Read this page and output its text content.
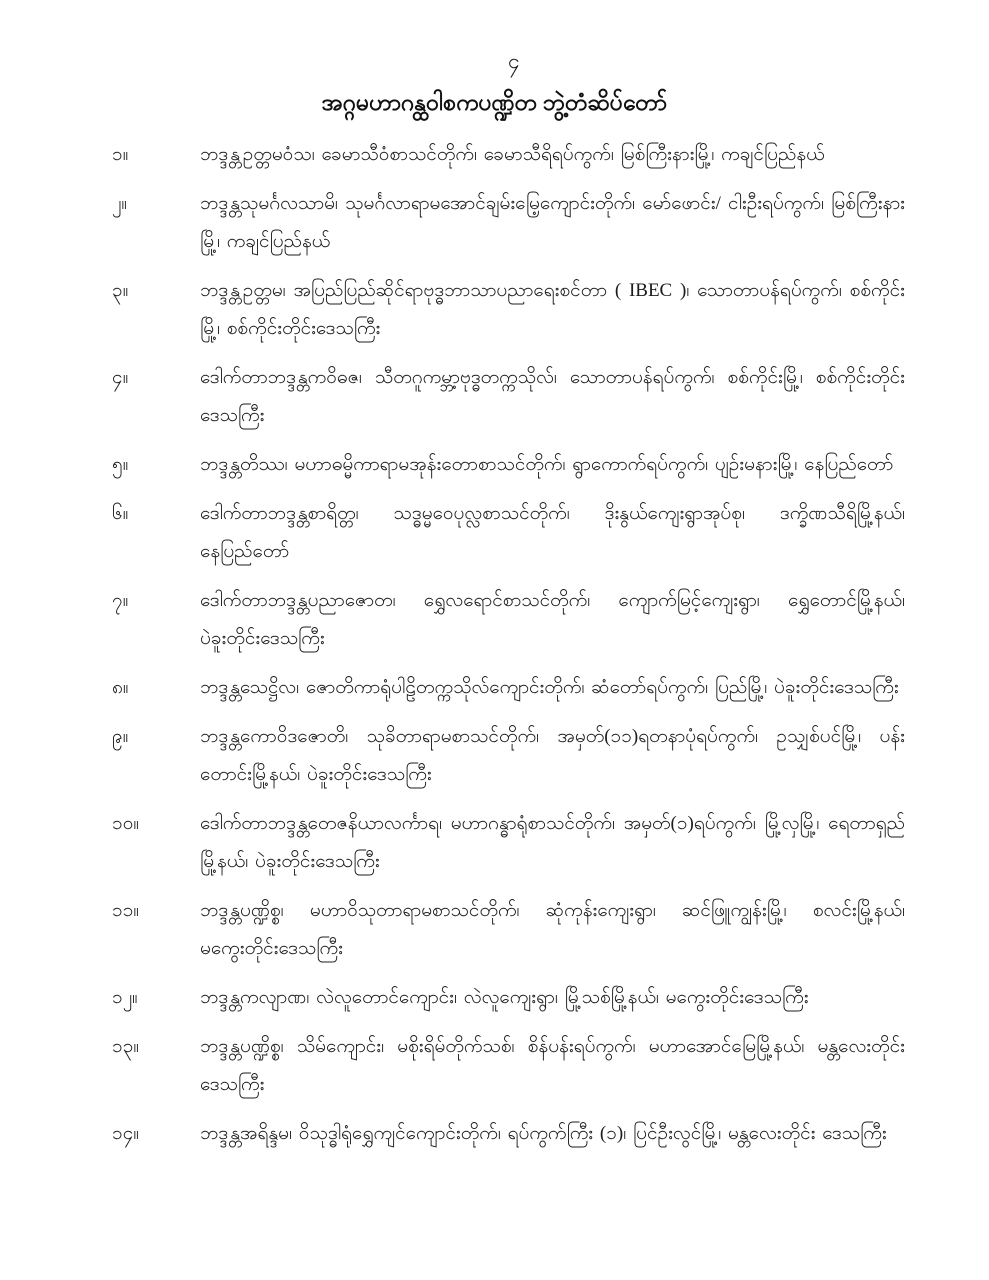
၄
အဂ္ဂမဟာဂန္ထဝါစကပဏ္ဍိတ ဘွဲ့တံဆိပ်တော်
၁။	ဘဒ္ဒန္တဥတ္တမဝံသ၊ ခေမာသီဝံစာသင်တိုက်၊ ခေမာသီရိရပ်ကွက်၊ မြစ်ကြီးနားမြို့၊ ကချင်ပြည်နယ်
၂။	ဘဒ္ဒန္တသုမင်္ဂလသာမိ၊ သုမင်္ဂလာရာမအောင်ချမ်းမြေ့ကျောင်းတိုက်၊ မော်ဖောင်း/ ငါးဦးရပ်ကွက်၊ မြစ်ကြီးနားမြို့၊ ကချင်ပြည်နယ်
၃။	ဘဒ္ဒန္တဥတ္တမ၊ အပြည်ပြည်ဆိုင်ရာဗုဒ္ဓဘာသာပညာရေးစင်တာ ( IBEC )၊ သောတာပန်ရပ်ကွက်၊ စစ်ကိုင်းမြို့၊ စစ်ကိုင်းတိုင်းဒေသကြီး
၄။	ဒေါက်တာဘဒ္ဒန္တကဝိဓဇ၊ သီတဂူကမ္ဘာ့ဗုဒ္ဓတက္ကသိုလ်၊ သောတာပန်ရပ်ကွက်၊ စစ်ကိုင်းမြို့၊ စစ်ကိုင်းတိုင်းဒေသကြီး
၅။	ဘဒ္ဒန္တတိဿ၊ မဟာဓမ္မိကာရာမအုန်းတောစာသင်တိုက်၊ ရွာကောက်ရပ်ကွက်၊ ပျဉ်းမနားမြို့၊ နေပြည်တော်
၆။	ဒေါက်တာဘဒ္ဒန္တစာရိတ္တ၊ သဒ္ဓမ္မဝေပုလ္လစာသင်တိုက်၊ ဒိုးနွယ်ကျေးရွာအုပ်စု၊ ဒက္ခိဏသီရိမြို့နယ်၊ နေပြည်တော်
၇။	ဒေါက်တာဘဒ္ဒန္တပညာဇောတ၊ ရွှေလရောင်စာသင်တိုက်၊ ကျောက်မြင့်ကျေးရွာ၊ ရွှေတောင်မြို့နယ်၊ ပဲခူးတိုင်းဒေသကြီး
၈။	ဘဒ္ဒန္တသေဋ္ဌိလ၊ ဇောတိကာရုံပါဠိတက္ကသိုလ်ကျောင်းတိုက်၊ ဆံတော်ရပ်ကွက်၊ ပြည်မြို့၊ ပဲခူးတိုင်းဒေသကြီး
၉။	ဘဒ္ဒန္တကောဝိဒဇောတိ၊ သုခိတာရာမစာသင်တိုက်၊ အမှတ်(၁၁)ရတနာပုံရပ်ကွက်၊ ဥသျှစ်ပင်မြို့၊ ပန်းတောင်းမြို့နယ်၊ ပဲခူးတိုင်းဒေသကြီး
၁၀။	ဒေါက်တာဘဒ္ဒန္တတေဇနိယာလင်္ကာရ၊ မဟာဂန္ဓာရုံစာသင်တိုက်၊ အမှတ်(၁)ရပ်ကွက်၊ မြို့လှမြို့၊ ရေတာရှည်မြို့နယ်၊ ပဲခူးတိုင်းဒေသကြီး
၁၁။	ဘဒ္ဒန္တပဏ္ဍိစ္စ၊ မဟာဝိသုတာရာမစာသင်တိုက်၊ ဆုံကုန်းကျေးရွာ၊ ဆင်ဖြူကျွန်းမြို့၊ စလင်းမြို့နယ်၊ မကွေးတိုင်းဒေသကြီး
၁၂။	ဘဒ္ဒန္တကလျာဏ၊ လဲလူတောင်ကျောင်း၊ လဲလူကျေးရွာ၊ မြို့သစ်မြို့နယ်၊ မကွေးတိုင်းဒေသကြီး
၁၃။	ဘဒ္ဒန္တပဏ္ဍိစ္စ၊ သိမ်ကျောင်း၊ မစိုးရိမ်တိုက်သစ်၊ စိန်ပန်းရပ်ကွက်၊ မဟာအောင်မြေမြို့နယ်၊ မန္တလေးတိုင်းဒေသကြီး
၁၄။	ဘဒ္ဒန္တအရိန္ဒမ၊ ဝိသုဒ္ဓါရုံရွှေကျင်ကျောင်းတိုက်၊ ရပ်ကွက်ကြီး (၁)၊ ပြင်ဦးလွင်မြို့၊ မန္တလေးတိုင်း ဒေသကြီး
